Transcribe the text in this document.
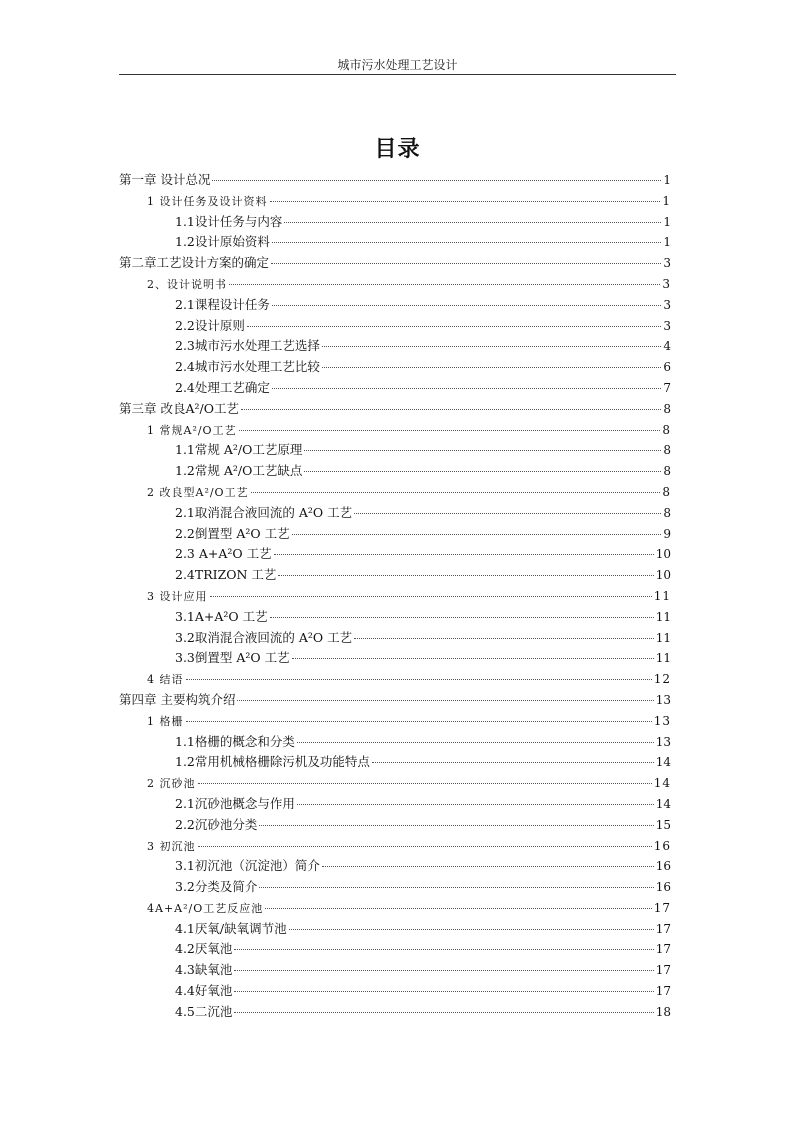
城市污水处理工艺设计
目录
第一章 设计总况	1
1 设计任务及设计资料	1
1.1设计任务与内容	1
1.2设计原始资料	1
第二章工艺设计方案的确定	3
2、设计说明书	3
2.1课程设计任务	3
2.2设计原则	3
2.3城市污水处理工艺选择	4
2.4城市污水处理工艺比较	6
2.4处理工艺确定	7
第三章 改良A²/O工艺	8
1 常规A²/O工艺	8
1.1常规 A²/O工艺原理	8
1.2常规 A²/O工艺缺点	8
2 改良型A²/O工艺	8
2.1取消混合液回流的 A²O 工艺	8
2.2倒置型 A²O 工艺	9
2.3 A+A²O 工艺	10
2.4TRIZON 工艺	10
3 设计应用	11
3.1A+A²O 工艺	11
3.2取消混合液回流的 A²O 工艺	11
3.3倒置型 A²O 工艺	11
4 结语	12
第四章 主要构筑介绍	13
1 格栅	13
1.1格栅的概念和分类	13
1.2常用机械格栅除污机及功能特点	14
2 沉砂池	14
2.1沉砂池概念与作用	14
2.2沉砂池分类	15
3 初沉池	16
3.1初沉池（沉淀池）简介	16
3.2分类及简介	16
4A+A²/O工艺反应池	17
4.1厌氧/缺氧调节池	17
4.2厌氧池	17
4.3缺氧池	17
4.4好氧池	17
4.5二沉池	18
